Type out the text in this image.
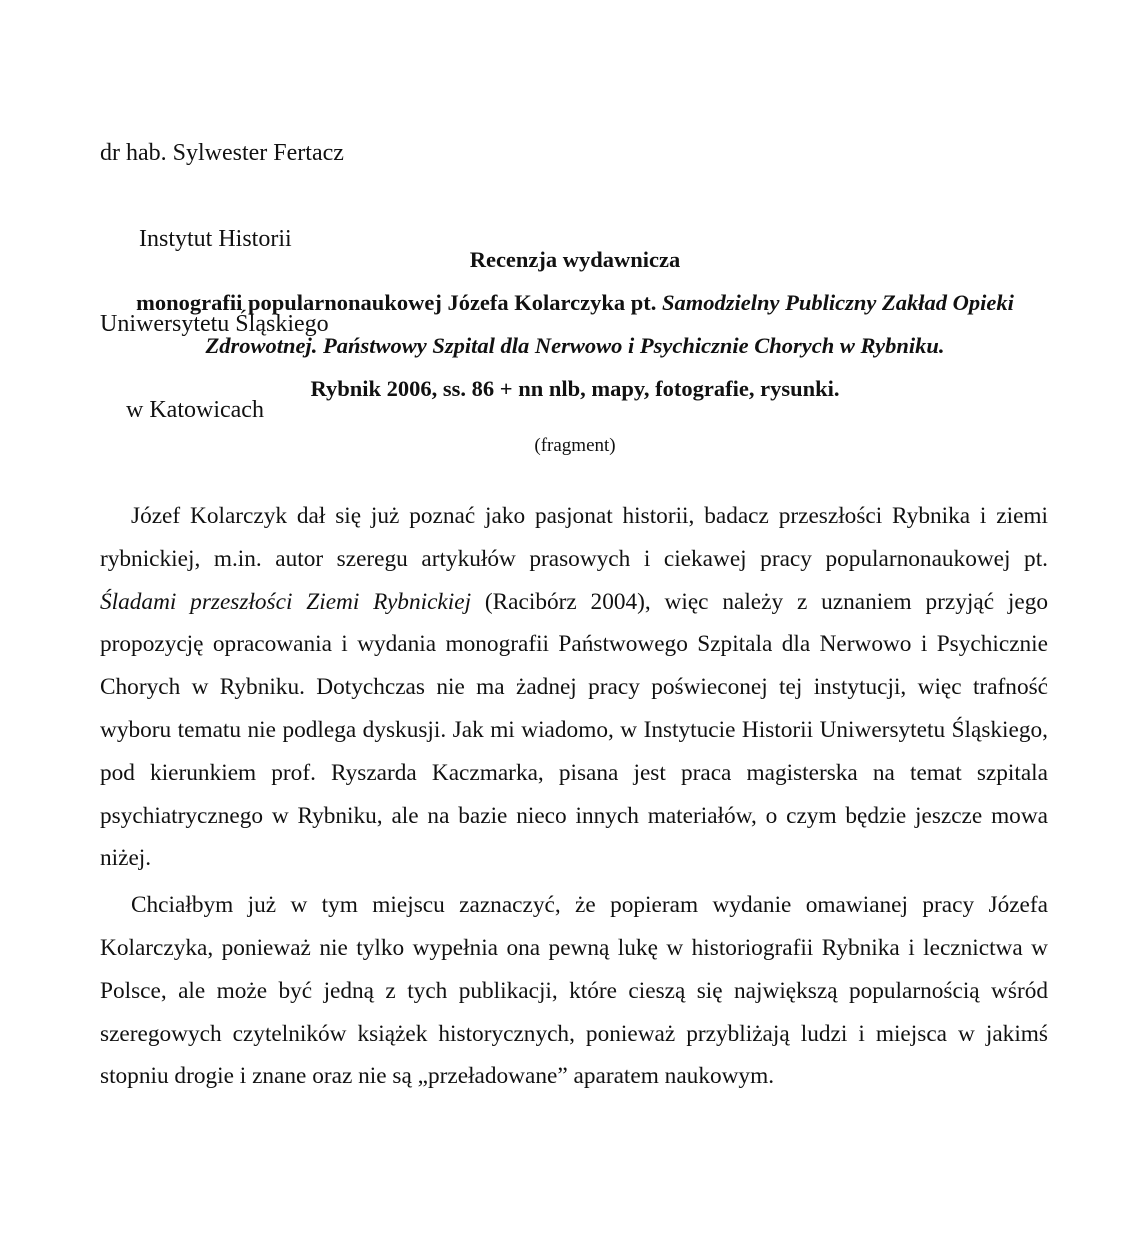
dr hab. Sylwester Fertacz

Instytut Historii

Uniwersytetu Śląskiego

w Katowicach

Recenzja wydawnicza
monografii popularnonaukowej Józefa Kolarczyka pt. Samodzielny Publiczny Zakład Opieki Zdrowotnej. Państwowy Szpital dla Nerwowo i Psychicznie Chorych w Rybniku.
Rybnik 2006, ss. 86 + nn nlb, mapy, fotografie, rysunki.
(fragment)

Józef Kolarczyk dał się już poznać jako pasjonat historii, badacz przeszłości Rybnika i ziemi rybnickiej, m.in. autor szeregu artykułów prasowych i ciekawej pracy popularnonaukowej pt. Śladami przeszłości Ziemi Rybnickiej (Racibórz 2004), więc należy z uznaniem przyjąć jego propozycję opracowania i wydania monografii Państwowego Szpitala dla Nerwowo i Psychicznie Chorych w Rybniku. Dotychczas nie ma żadnej pracy poświeconej tej instytucji, więc trafność wyboru tematu nie podlega dyskusji. Jak mi wiadomo, w Instytucie Historii Uniwersytetu Śląskiego, pod kierunkiem prof. Ryszarda Kaczmarka, pisana jest praca magisterska na temat szpitala psychiatrycznego w Rybniku, ale na bazie nieco innych materiałów, o czym będzie jeszcze mowa niżej.

Chciałbym już w tym miejscu zaznaczyć, że popieram wydanie omawianej pracy Józefa Kolarczyka, ponieważ nie tylko wypełnia ona pewną lukę w historiografii Rybnika i lecznictwa w Polsce, ale może być jedną z tych publikacji, które cieszą się największą popularnością wśród szeregowych czytelników książek historycznych, ponieważ przybliżają ludzi i miejsca w jakimś stopniu drogie i znane oraz nie są „przeładowane” aparatem naukowym.
